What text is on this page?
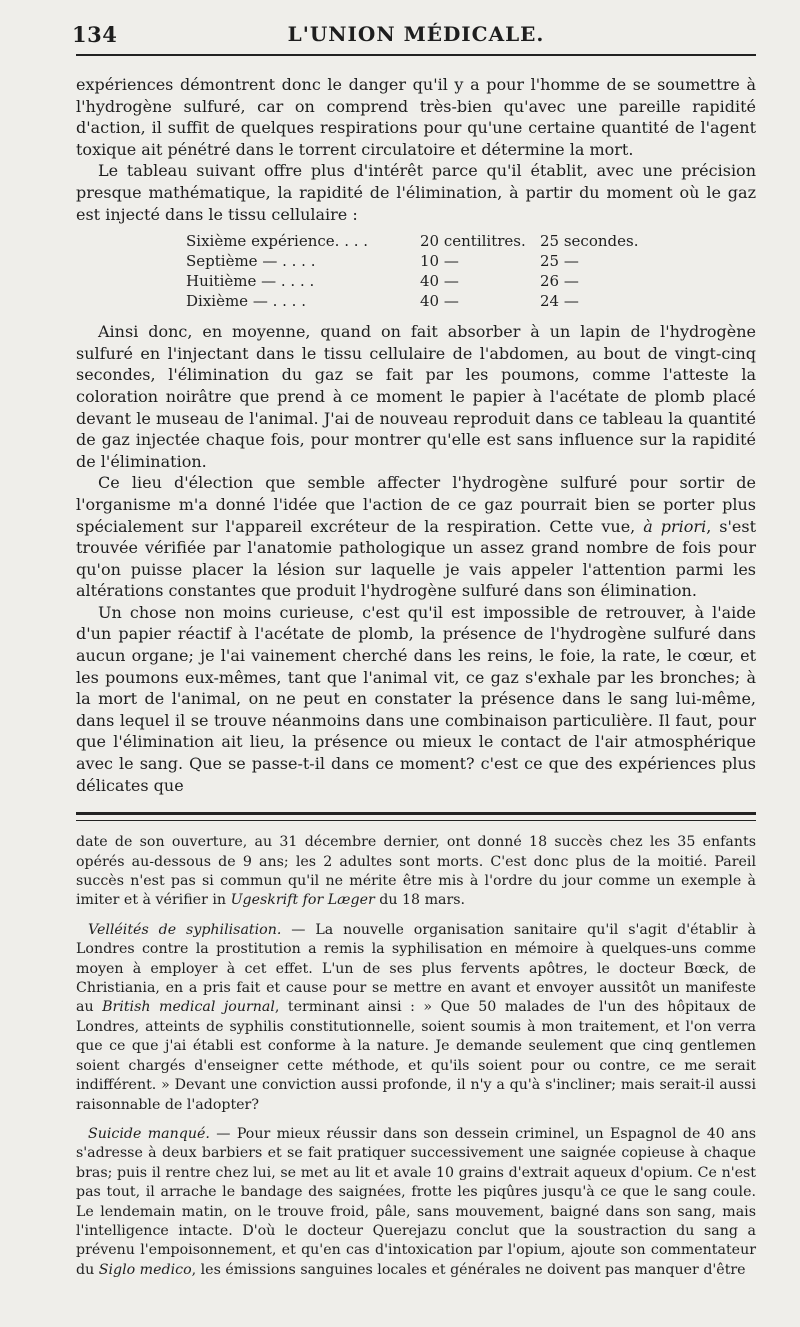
134	L'UNION MÉDICALE.

expériences démontrent donc le danger qu'il y a pour l'homme de se soumettre à l'hydrogène sulfuré, car on comprend très-bien qu'avec une pareille rapidité d'action, il suffit de quelques respirations pour qu'une certaine quantité de l'agent toxique ait pénétré dans le torrent circulatoire et détermine la mort.

Le tableau suivant offre plus d'intérêt parce qu'il établit, avec une précision presque mathématique, la rapidité de l'élimination, à partir du moment où le gaz est injecté dans le tissu cellulaire :

Sixième expérience. . . .	20 centilitres.	25 secondes.
Septième — . . . .	10 —	25 —
Huitième — . . . .	40 —	26 —
Dixième — . . . .	40 —	24 —

Ainsi donc, en moyenne, quand on fait absorber à un lapin de l'hydrogène sulfuré en l'injectant dans le tissu cellulaire de l'abdomen, au bout de vingt-cinq secondes, l'élimination du gaz se fait par les poumons, comme l'atteste la coloration noirâtre que prend à ce moment le papier à l'acétate de plomb placé devant le museau de l'animal. J'ai de nouveau reproduit dans ce tableau la quantité de gaz injectée chaque fois, pour montrer qu'elle est sans influence sur la rapidité de l'élimination.

Ce lieu d'élection que semble affecter l'hydrogène sulfuré pour sortir de l'organisme m'a donné l'idée que l'action de ce gaz pourrait bien se porter plus spécialement sur l'appareil excréteur de la respiration. Cette vue, à priori, s'est trouvée vérifiée par l'anatomie pathologique un assez grand nombre de fois pour qu'on puisse placer la lésion sur laquelle je vais appeler l'attention parmi les altérations constantes que produit l'hydrogène sulfuré dans son élimination.

Un chose non moins curieuse, c'est qu'il est impossible de retrouver, à l'aide d'un papier réactif à l'acétate de plomb, la présence de l'hydrogène sulfuré dans aucun organe; je l'ai vainement cherché dans les reins, le foie, la rate, le cœur, et les poumons eux-mêmes, tant que l'animal vit, ce gaz s'exhale par les bronches; à la mort de l'animal, on ne peut en constater la présence dans le sang lui-même, dans lequel il se trouve néanmoins dans une combinaison particulière. Il faut, pour que l'élimination ait lieu, la présence ou mieux le contact de l'air atmosphérique avec le sang. Que se passe-t-il dans ce moment? c'est ce que des expériences plus délicates que

date de son ouverture, au 31 décembre dernier, ont donné 18 succès chez les 35 enfants opérés au-dessous de 9 ans; les 2 adultes sont morts. C'est donc plus de la moitié. Pareil succès n'est pas si commun qu'il ne mérite être mis à l'ordre du jour comme un exemple à imiter et à vérifier in Ugeskrift for Læger du 18 mars.

Velléités de syphilisation. — La nouvelle organisation sanitaire qu'il s'agit d'établir à Londres contre la prostitution a remis la syphilisation en mémoire à quelques-uns comme moyen à employer à cet effet. L'un de ses plus fervents apôtres, le docteur Bœck, de Christiania, en a pris fait et cause pour se mettre en avant et envoyer aussitôt un manifeste au British medical journal, terminant ainsi : » Que 50 malades de l'un des hôpitaux de Londres, atteints de syphilis constitutionnelle, soient soumis à mon traitement, et l'on verra que ce que j'ai établi est conforme à la nature. Je demande seulement que cinq gentlemen soient chargés d'enseigner cette méthode, et qu'ils soient pour ou contre, ce me serait indifférent. » Devant une conviction aussi profonde, il n'y a qu'à s'incliner; mais serait-il aussi raisonnable de l'adopter?

Suicide manqué. — Pour mieux réussir dans son dessein criminel, un Espagnol de 40 ans s'adresse à deux barbiers et se fait pratiquer successivement une saignée copieuse à chaque bras; puis il rentre chez lui, se met au lit et avale 10 grains d'extrait aqueux d'opium. Ce n'est pas tout, il arrache le bandage des saignées, frotte les piqûres jusqu'à ce que le sang coule. Le lendemain matin, on le trouve froid, pâle, sans mouvement, baigné dans son sang, mais l'intelligence intacte. D'où le docteur Querejazu conclut que la soustraction du sang a prévenu l'empoisonnement, et qu'en cas d'intoxication par l'opium, ajoute son commentateur du Siglo medico, les émissions sanguines locales et générales ne doivent pas manquer d'être
